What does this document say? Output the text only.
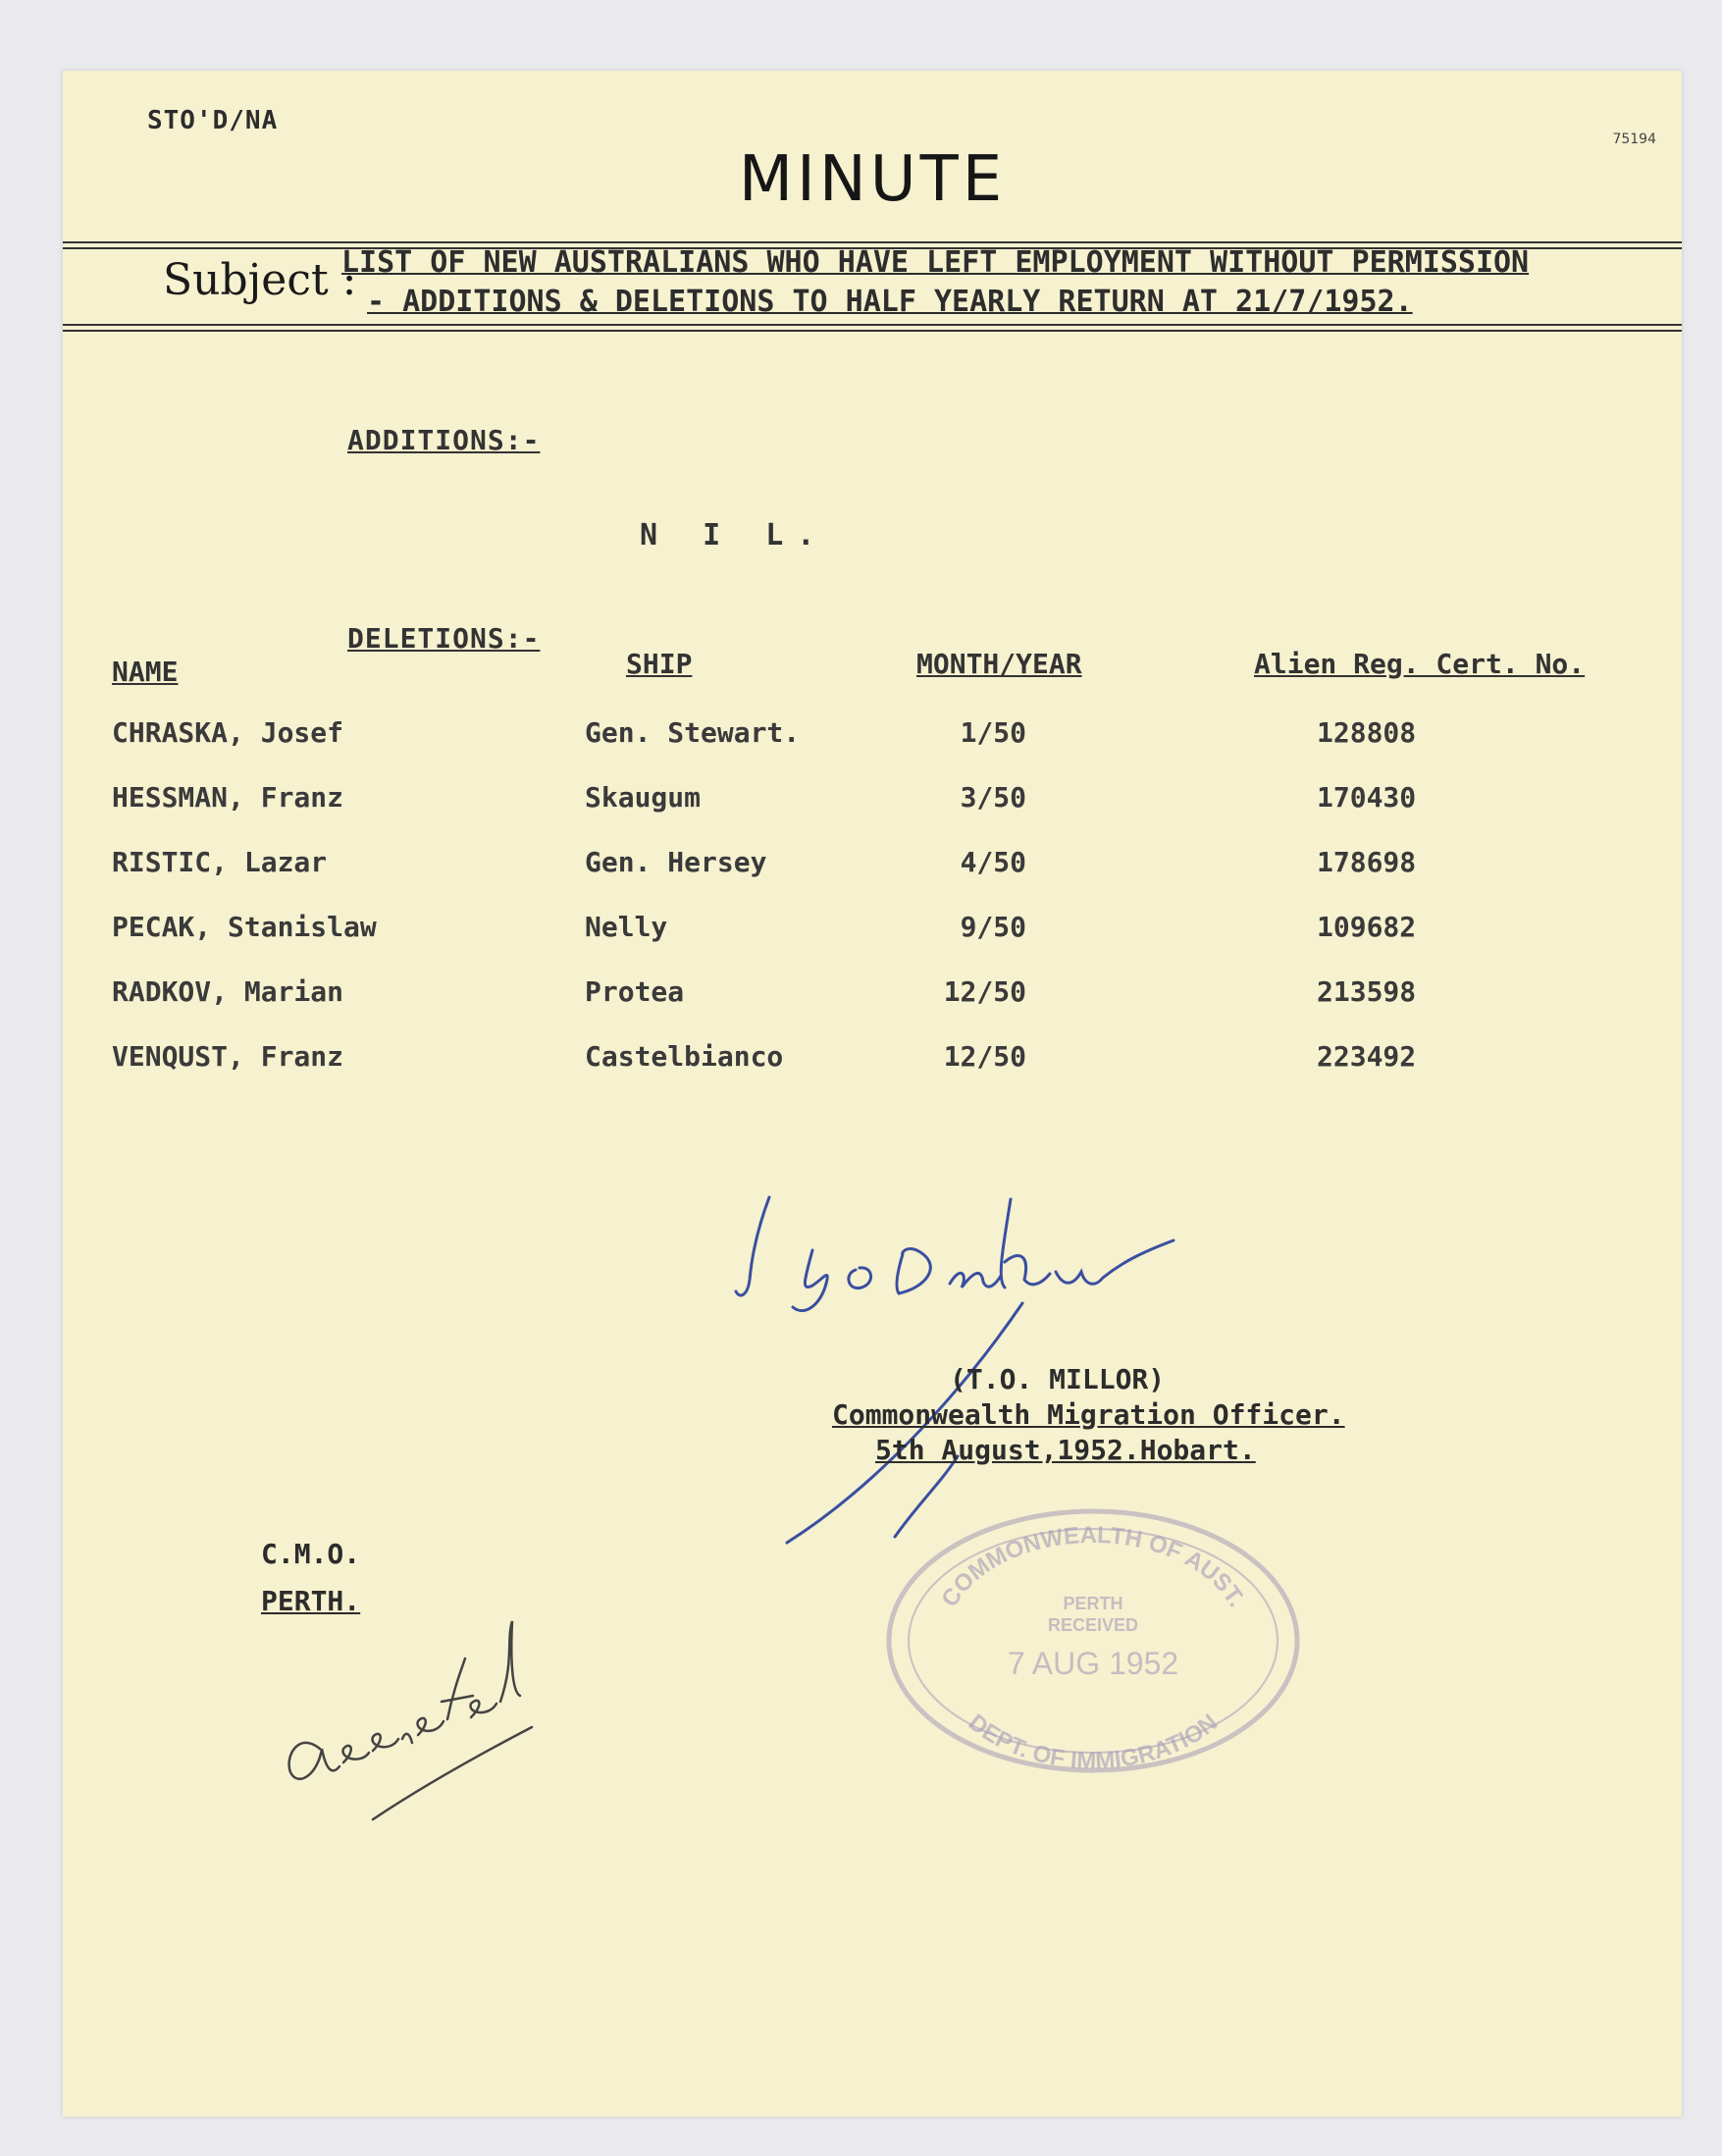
STO'D/NA
75194
MINUTE
Subject :
LIST OF NEW AUSTRALIANS WHO HAVE LEFT EMPLOYMENT WITHOUT PERMISSION
- ADDITIONS & DELETIONS TO HALF YEARLY RETURN AT 21/7/1952.
ADDITIONS:-
N I L.
DELETIONS:-
NAME	SHIP	MONTH/YEAR	Alien Reg. Cert. No.
CHRASKA, Josef	Gen. Stewart.	1/50	128808
HESSMAN, Franz	Skaugum	3/50	170430
RISTIC, Lazar	Gen. Hersey	4/50	178698
PECAK, Stanislaw	Nelly	9/50	109682
RADKOV, Marian	Protea	12/50	213598
VENQUST, Franz	Castelbianco	12/50	223492
(T.O. MILLOR)
Commonwealth Migration Officer.
5th August,1952.Hobart.
COMMONWEALTH OF AUST.
PERTH
RECEIVED
7 AUG 1952
DEPT. OF IMMIGRATION
C.M.O.
PERTH.
